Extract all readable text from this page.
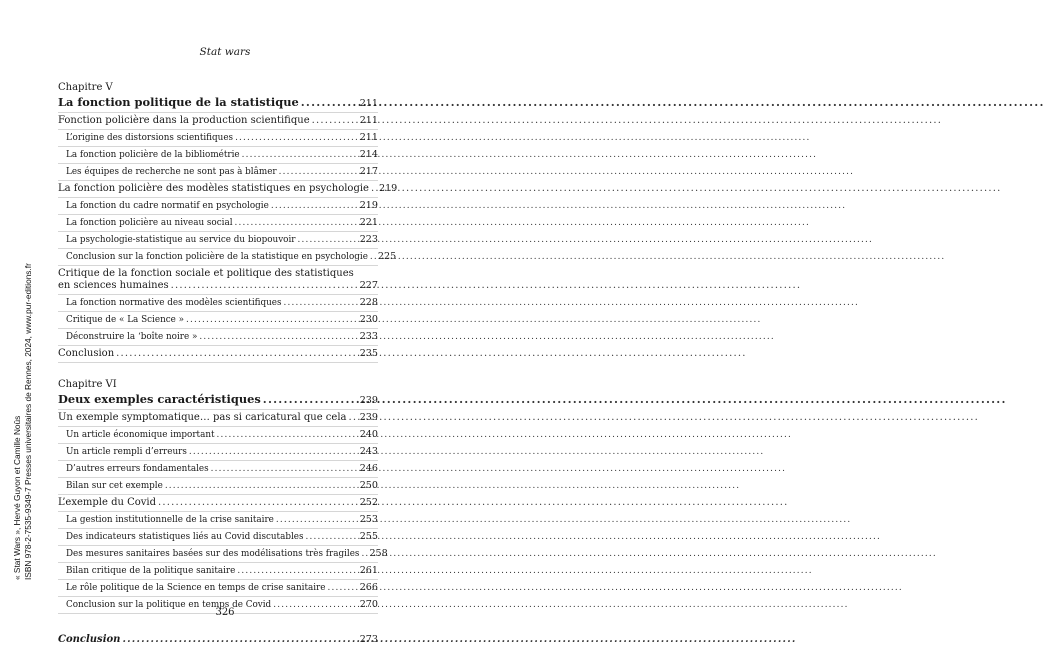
Stat wars
Chapitre V
La fonction politique de la statistique .....	211
Fonction policière dans la production scientifique .....	211
L’origine des distorsions scientifiques .....	211
La fonction policière de la bibliométrie .....	214
Les équipes de recherche ne sont pas à blâmer .....	217
La fonction policière des modèles statistiques en psychologie ..... 219
La fonction du cadre normatif en psychologie .....	219
La fonction policière au niveau social .....	221
La psychologie-statistique au service du biopouvoir .....	223
Conclusion sur la fonction policière de la statistique en psychologie ..... 225
Critique de la fonction sociale et politique des statistiques
en sciences humaines .....	227
La fonction normative des modèles scientifiques .....	228
Critique de « La Science » .....	230
Déconstruire la ‘boîte noire » .....	233
Conclusion .....	235
Chapitre VI
Deux exemples caractéristiques .....	239
Un exemple symptomatique… pas si caricatural que cela ..... 239
Un article économique important .....	240
Un article rempli d’erreurs .....	243
D’autres erreurs fondamentales .....	246
Bilan sur cet exemple .....	250
L’exemple du Covid .....	252
La gestion institutionnelle de la crise sanitaire .....	253
Des indicateurs statistiques liés au Covid discutables .....	255
Des mesures sanitaires basées sur des modélisations très fragiles ..... 258
Bilan critique de la politique sanitaire .....	261
Le rôle politique de la Science en temps de crise sanitaire .....	266
Conclusion sur la politique en temps de Covid .....	270
Conclusion .....	273
326
« Stat Wars », Hervé Guyon et Camille Noûs ISBN 978-2-7535-9349-7 Presses universitaires de Rennes, 2024, www.pur-editions.fr
